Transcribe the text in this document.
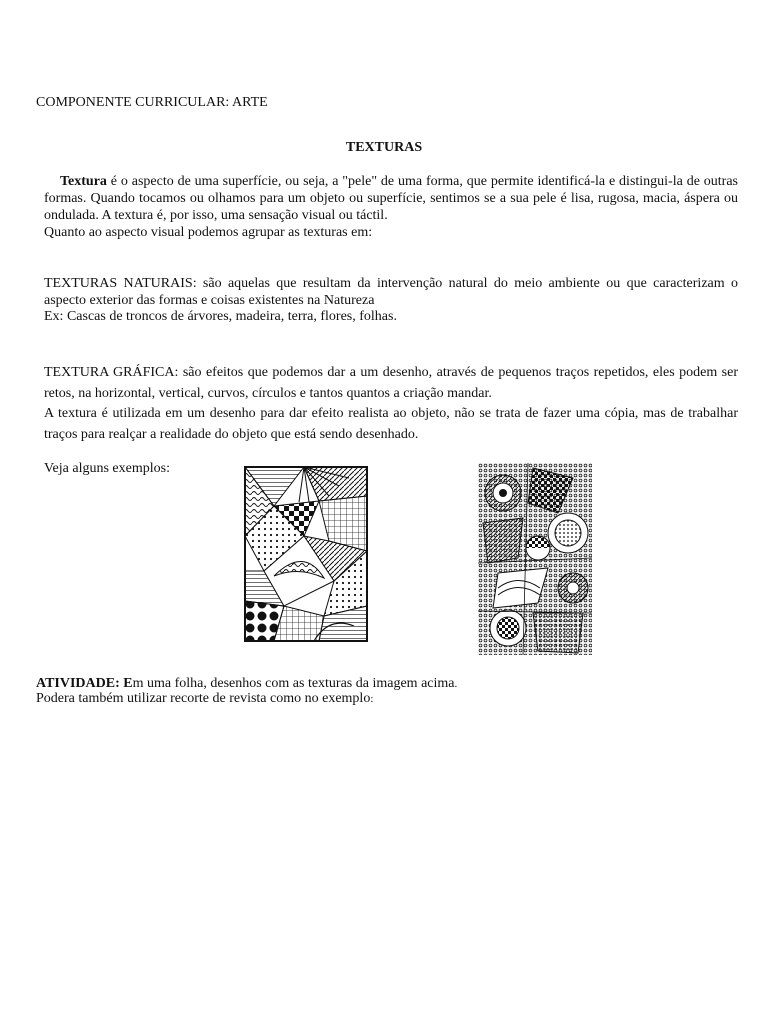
COMPONENTE CURRICULAR: ARTE
TEXTURAS
Textura é o aspecto de uma superfície, ou seja, a "pele" de uma forma, que permite identificá-la e distingui-la de outras formas. Quando tocamos ou olhamos para um objeto ou superfície, sentimos se a sua pele é lisa, rugosa, macia, áspera ou ondulada. A textura é, por isso, uma sensação visual ou táctil.
Quanto ao aspecto visual podemos agrupar as texturas em:
TEXTURAS NATURAIS: são aquelas que resultam da intervenção natural do meio ambiente ou que caracterizam o aspecto exterior das formas e coisas existentes na Natureza
Ex: Cascas de troncos de árvores, madeira, terra, flores, folhas.
TEXTURA GRÁFICA: são efeitos que podemos dar a um desenho, através de pequenos traços repetidos, eles podem ser retos, na horizontal, vertical, curvos, círculos e tantos quantos a criação mandar.
A textura é utilizada em um desenho para dar efeito realista ao objeto, não se trata de fazer uma cópia, mas de trabalhar traços para realçar a realidade do objeto que está sendo desenhado.
Veja alguns exemplos:
ATIVIDADE: Em uma folha, desenhos com as texturas da imagem acima.
Podera também utilizar recorte de revista como no exemplo:
